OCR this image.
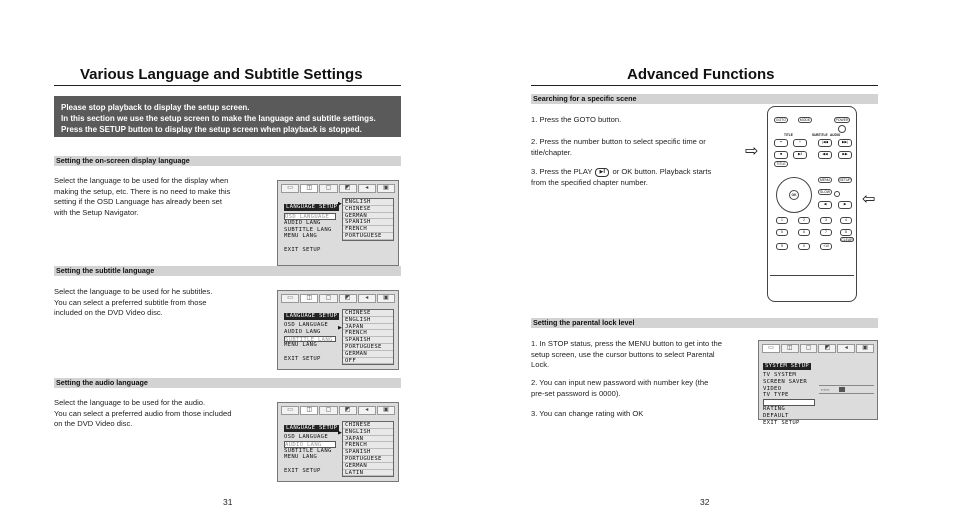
Various Language and Subtitle Settings
Please stop playback to display the setup screen.
In this section we use the setup screen to make the language and subtitle settings.
Press the SETUP button to display the setup screen when playback is stopped.
Setting the on-screen display language
Select the language to be used for the display when
making the setup, etc. There is no need to make this
setting if the OSD Language has already been set
with the Setup Navigator.
▭	◫	▢	◩	◂	▣
LANGUAGE SETUP
OSD LANGUAGE
AUDIO LANG
SUBTITLE LANG
MENU LANG
EXIT SETUP
▶ ENGLISH
CHINESE
GERMAN
SPANISH
FRENCH
PORTUGUESE
Setting the subtitle language
Select the language to be used for he subtitles.
You can select a preferred subtitle from those
included on the DVD Video disc.
▭	◫	▢	◩	◂	▣
LANGUAGE SETUP
OSD LANGUAGE
AUDIO LANG
SUBTITLE LANG
MENU LANG
EXIT SETUP
▶
CHINESE
ENGLISH
JAPAN
FRENCH
SPANISH
PORTUGUESE
GERMAN
OFF
Setting the audio language
Select the language to be used for the audio.
You can select a preferred audio from those included
on the DVD Video disc.
▭	◫	▢	◩	◂	▣
LANGUAGE SETUP
OSD LANGUAGE
AUDIO LANG
SUBTITLE LANG
MENU LANG
EXIT SETUP
▶
CHINESE
ENGLISH
JAPAN
FRENCH
SPANISH
PORTUGUESE
GERMAN
LATIN
31
Advanced Functions
Searching for a specific scene
1. Press the GOTO button.
2. Press the number button to select specific time or
title/chapter.
3. Press the PLAY	▶‖ or OK button. Playback starts
from the specified chapter number.
⇨
⇦
GOTO	MODE	POWER
TITLE	SUBTITLE AUDIO
━	+	|◀◀	▶▶|
■	▶‖	◀◀	▶▶
TITLE
MENU	SETUP
OK
SLOW
◀	▶
1	2	3	4
5	6	7	8
CLEAR
9	0	+10
Setting the parental lock level
1. In STOP status, press the MENU button to get into the
setup screen, use the cursor buttons to select Parental
Lock.
2. You can input new password with number key (the
pre-set password is 0000).
3. You can change rating with OK
▭	◫	▢	◩	◂	▣
SYSTEM SETUP
TV SYSTEM
SCREEN SAVER
VIDEO
TV TYPE
RATING
DEFAULT
EXIT SETUP
▪▪▪▪▪▪
32
